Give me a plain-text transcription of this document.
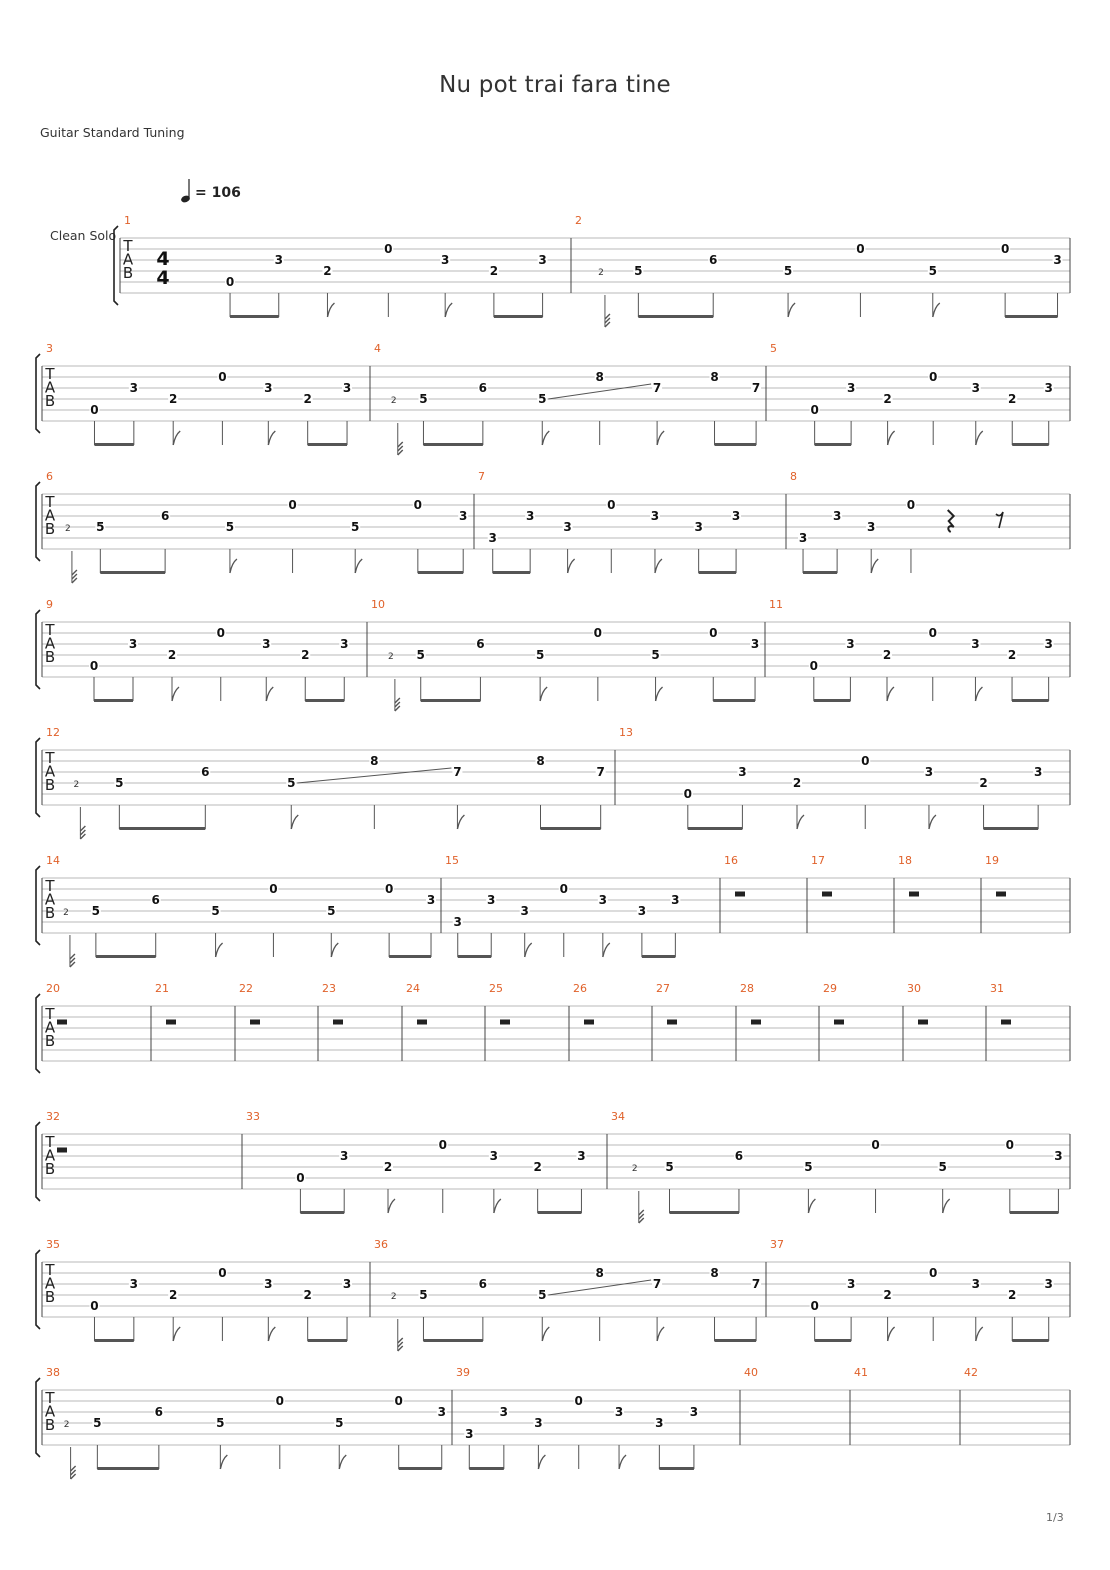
Nu pot trai fara tine
Guitar Standard Tuning
= 106
Clean Solo
1/3
T
A
B
4
4
1
0
3
2
0
3
2
3
2
2	5
6
5
0
5
0
3
T
A
B
3
0
3
2
0
3
2
3
4
2 5
6
5
8
7
8
7
5
0
3
2
0
3
2
3
T
A
B
6
2 5
6
5
0
5
0
3
7
3
3
3
0
3
3
3
8
3
3
3
0
T
A
B
9
0
3
2
0
3
2
3
10
2 5
6
5
0
5
0
3
11
0
3
2
0
3
2
3
T
A
B
12
2	5
6
5
8
7
8
7
13
0
3
2
0
3
2
3
T
A
B
14
2 5
6
5
0
5
0
3
15
3
3
3
0
3
3
3
16	17	18	19
T
A
B
20	21	22	23	24	25	26	27	28	29	30	31
T
A
B
32	33
0
3
2
0
3
2
3
34
2 5
6
5
0
5
0
3
T
A
B
35
0
3
2
0
3
2
3
36
2 5
6
5
8
7
8
7
37
0
3
2
0
3
2
3
T
A
B
38
2 5
6
5
0
5
0
3
39
3
3
3
0
3
3
3
40	41	42
